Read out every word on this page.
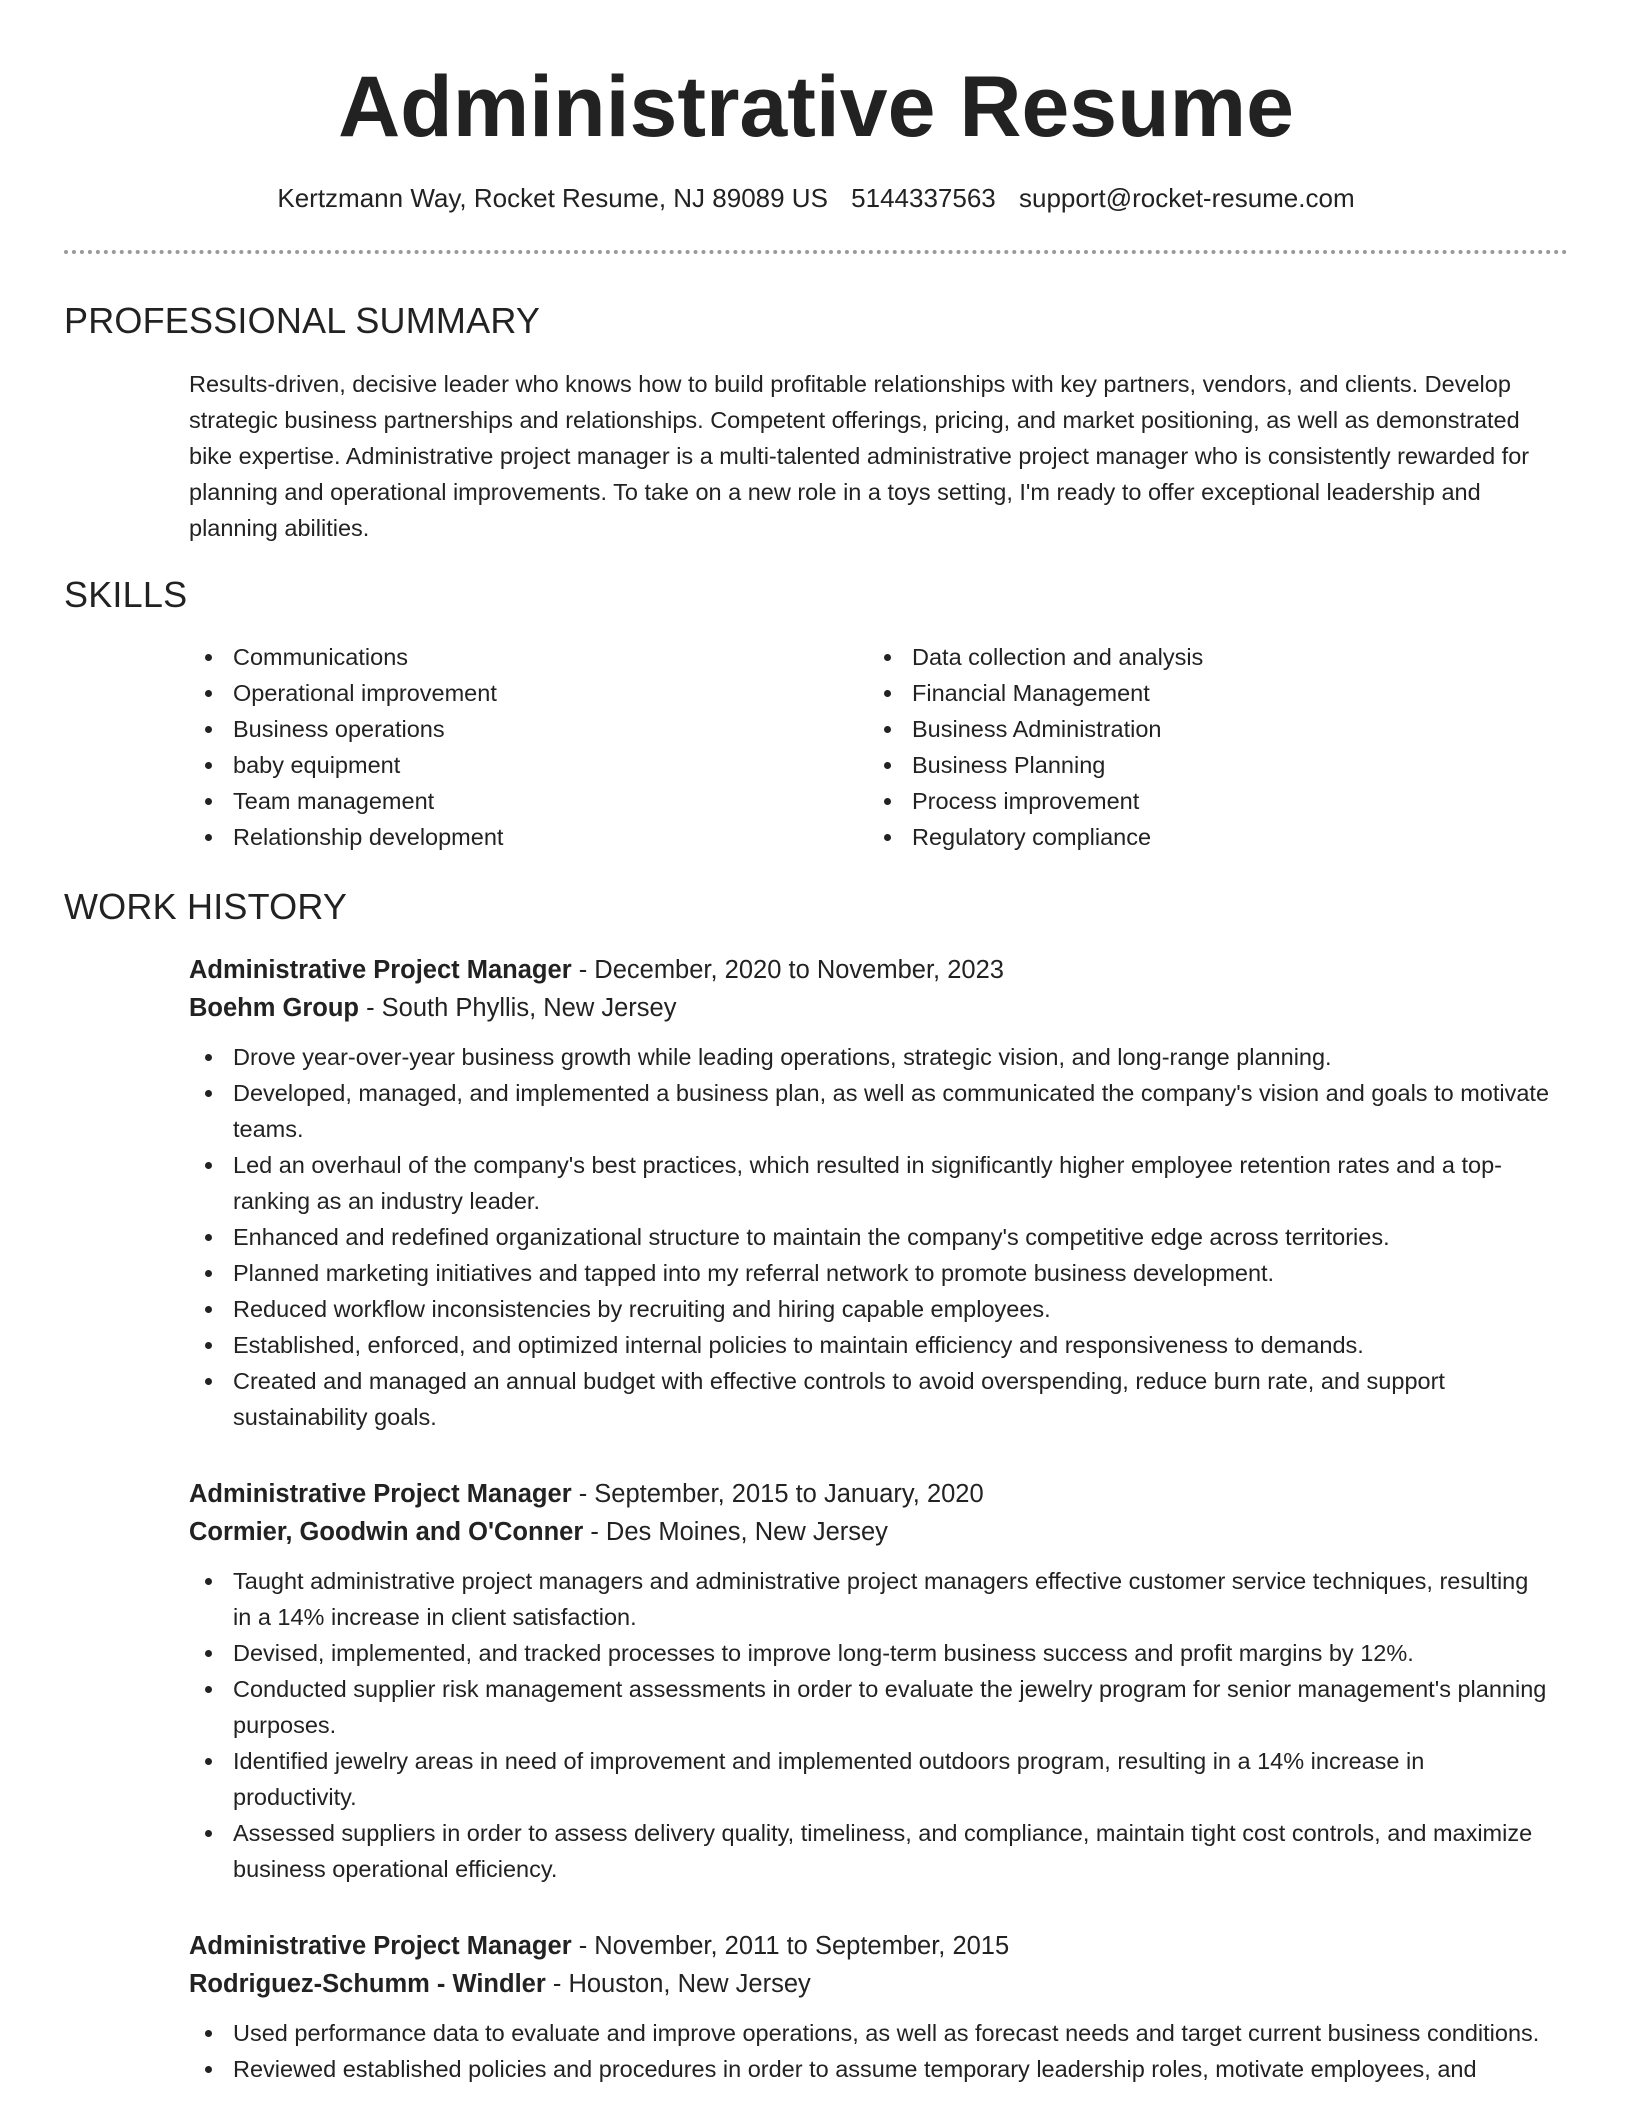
Administrative Resume
Kertzmann Way, Rocket Resume, NJ 89089 US 5144337563 support@rocket-resume.com
PROFESSIONAL SUMMARY

Results-driven, decisive leader who knows how to build profitable relationships with key partners, vendors, and clients. Develop strategic business partnerships and relationships. Competent offerings, pricing, and market positioning, as well as demonstrated bike expertise. Administrative project manager is a multi-talented administrative project manager who is consistently rewarded for planning and operational improvements. To take on a new role in a toys setting, I'm ready to offer exceptional leadership and planning abilities.

SKILLS
Communications
Operational improvement
Business operations
baby equipment
Team management
Relationship development
Data collection and analysis
Financial Management
Business Administration
Business Planning
Process improvement
Regulatory compliance
WORK HISTORY
Administrative Project Manager - December, 2020 to November, 2023
Boehm Group - South Phyllis, New Jersey
Drove year-over-year business growth while leading operations, strategic vision, and long-range planning.
Developed, managed, and implemented a business plan, as well as communicated the company's vision and goals to motivate teams.
Led an overhaul of the company's best practices, which resulted in significantly higher employee retention rates and a top-ranking as an industry leader.
Enhanced and redefined organizational structure to maintain the company's competitive edge across territories.
Planned marketing initiatives and tapped into my referral network to promote business development.
Reduced workflow inconsistencies by recruiting and hiring capable employees.
Established, enforced, and optimized internal policies to maintain efficiency and responsiveness to demands.
Created and managed an annual budget with effective controls to avoid overspending, reduce burn rate, and support sustainability goals.
Administrative Project Manager - September, 2015 to January, 2020
Cormier, Goodwin and O'Conner - Des Moines, New Jersey
Taught administrative project managers and administrative project managers effective customer service techniques, resulting in a 14% increase in client satisfaction.
Devised, implemented, and tracked processes to improve long-term business success and profit margins by 12%.
Conducted supplier risk management assessments in order to evaluate the jewelry program for senior management's planning purposes.
Identified jewelry areas in need of improvement and implemented outdoors program, resulting in a 14% increase in productivity.
Assessed suppliers in order to assess delivery quality, timeliness, and compliance, maintain tight cost controls, and maximize business operational efficiency.
Administrative Project Manager - November, 2011 to September, 2015
Rodriguez-Schumm - Windler - Houston, New Jersey
Used performance data to evaluate and improve operations, as well as forecast needs and target current business conditions.
Reviewed established policies and procedures in order to assume temporary leadership roles, motivate employees, and
